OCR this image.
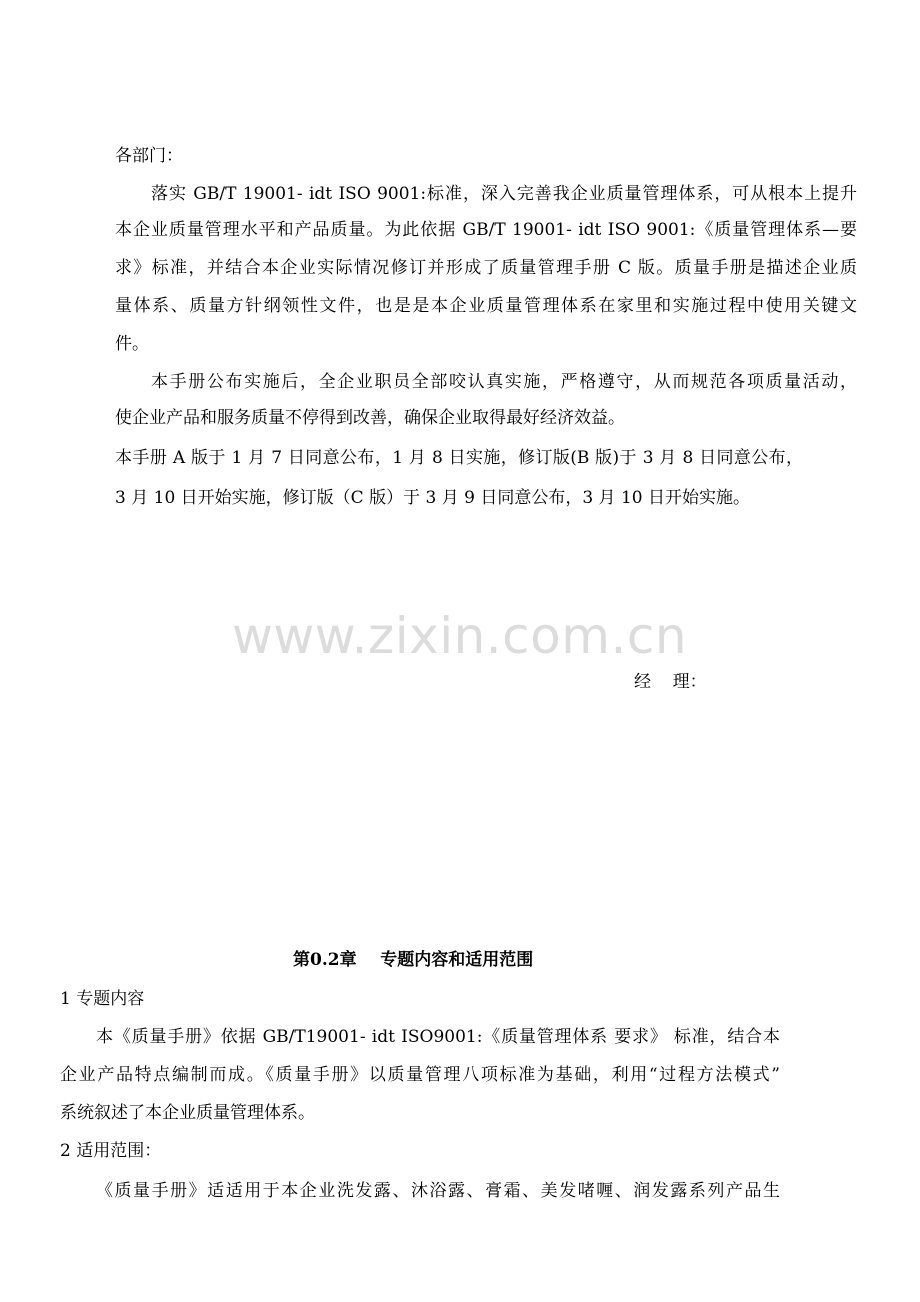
各部门：
落实 GB/T 19001- idt ISO 9001:标准，深入完善我企业质量管理体系，可从根本上提升
本企业质量管理水平和产品质量。为此依据 GB/T 19001- idt ISO 9001:《质量管理体系—要
求》标准，并结合本企业实际情况修订并形成了质量管理手册 C 版。质量手册是描述企业质
量体系、质量方针纲领性文件，也是是本企业质量管理体系在家里和实施过程中使用关键文
件。
本手册公布实施后，全企业职员全部咬认真实施，严格遵守，从而规范各项质量活动，
使企业产品和服务质量不停得到改善，确保企业取得最好经济效益。
本手册 A 版于 1 月 7 日同意公布，1 月 8 日实施，修订版(B 版)于 3 月 8 日同意公布，
3 月 10 日开始实施，修订版（C 版）于 3 月 9 日同意公布，3 月 10 日开始实施。
www.zixin.com.cn
经    理：
第0.2章    专题内容和适用范围
1 专题内容
本《质量手册》依据 GB/T19001- idt ISO9001:《质量管理体系 要求》 标准，结合本
企业产品特点编制而成。《质量手册》以质量管理八项标准为基础，利用“过程方法模式”
系统叙述了本企业质量管理体系。
2 适用范围：
《质量手册》适适用于本企业洗发露、沐浴露、膏霜、美发啫喱、润发露系列产品生
